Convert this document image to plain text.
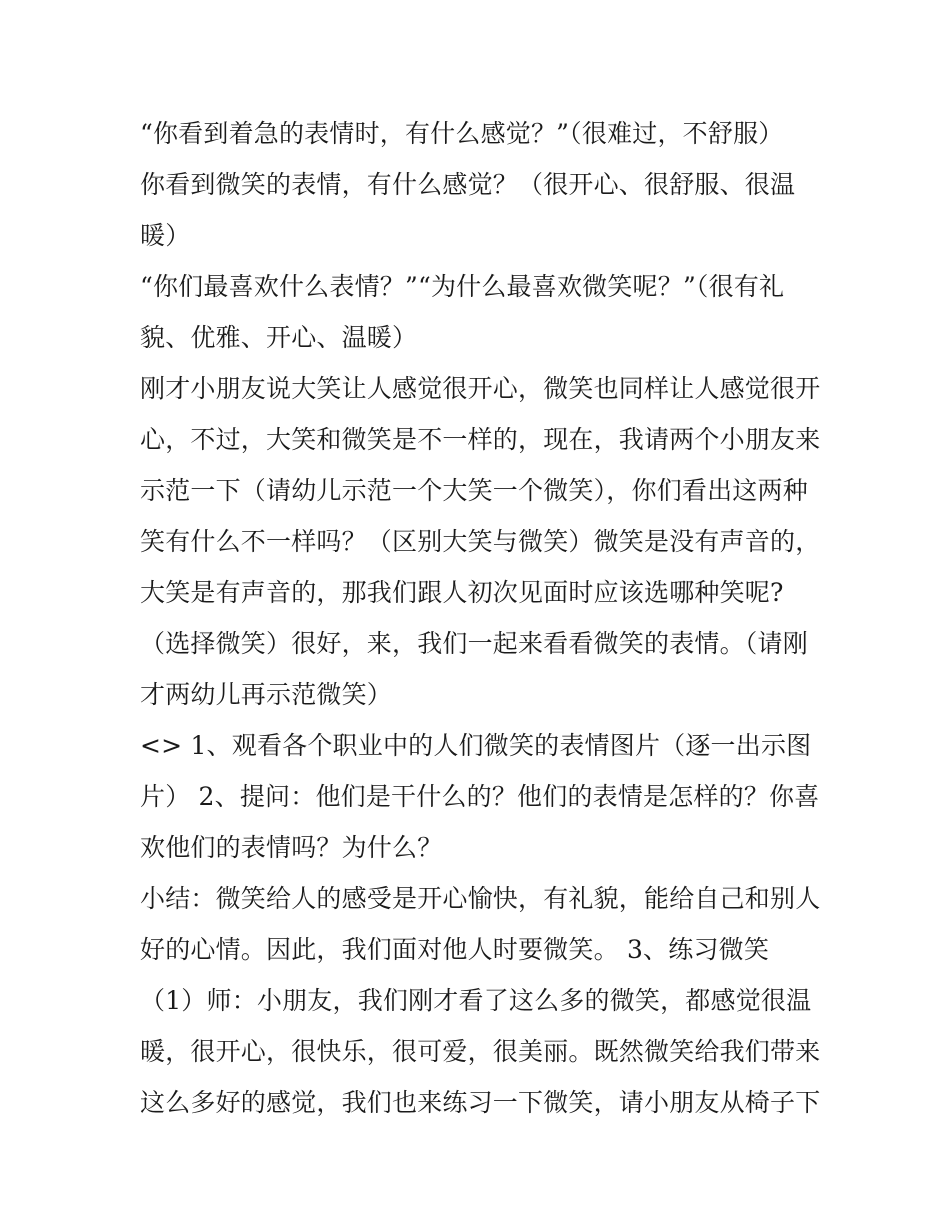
“你看到着急的表情时，有什么感觉？”（很难过，不舒服）
你看到微笑的表情，有什么感觉？（很开心、很舒服、很温
暖）
“你们最喜欢什么表情？”“为什么最喜欢微笑呢？”（很有礼
貌、优雅、开心、温暖）
刚才小朋友说大笑让人感觉很开心，微笑也同样让人感觉很开
心，不过，大笑和微笑是不一样的，现在，我请两个小朋友来
示范一下（请幼儿示范一个大笑一个微笑），你们看出这两种
笑有什么不一样吗？（区别大笑与微笑）微笑是没有声音的，
大笑是有声音的，那我们跟人初次见面时应该选哪种笑呢?
（选择微笑）很好，来，我们一起来看看微笑的表情。（请刚
才两幼儿再示范微笑）
<> 1、观看各个职业中的人们微笑的表情图片（逐一出示图
片） 2、提问：他们是干什么的？他们的表情是怎样的？你喜
欢他们的表情吗？为什么？
小结：微笑给人的感受是开心愉快，有礼貌，能给自己和别人
好的心情。因此，我们面对他人时要微笑。 3、练习微笑
（1）师：小朋友，我们刚才看了这么多的微笑，都感觉很温
暖，很开心，很快乐，很可爱，很美丽。既然微笑给我们带来
这么多好的感觉，我们也来练习一下微笑，请小朋友从椅子下
